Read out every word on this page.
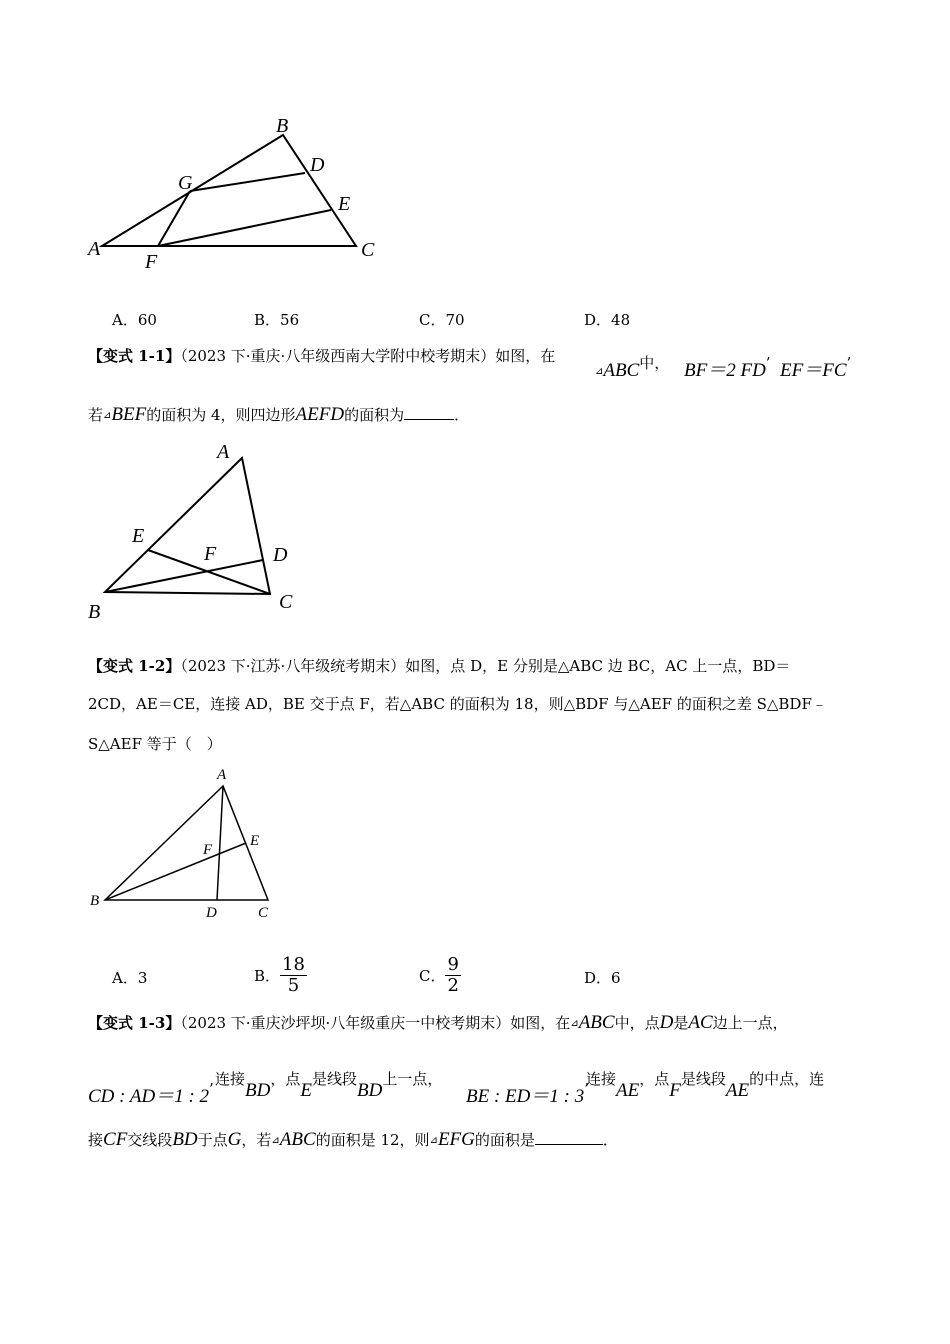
A
B
C
D
E
F
G
A．60	B．56	C．70	D．48
【变式 1-1】（2023 下·重庆·八年级西南大学附中校考期末）如图，在
⊿ABC中， BF＝2 FD’ EF＝FC’
若⊿BEF的面积为 4，则四边形AEFD的面积为	．
A
B	C
D
E
F
【变式 1-2】（2023 下·江苏·八年级统考期末）如图，点 D，E 分别是△ABC 边 BC，AC 上一点，BD＝
2CD，AE＝CE，连接 AD，BE 交于点 F，若△ABC 的面积为 18，则△BDF 与△AEF 的面积之差 S△BDF﹣
S△AEF 等于（　）
A
B
C
D
E
F
A．3	B． $\frac{18}{5}$	C． $\frac{9}{2}$	D．6
【变式 1-3】（2023 下·重庆沙坪坝·八年级重庆一中校考期末）如图，在⊿ABC中，点D是AC边上一点，
CD : AD＝1 : 2’
连接BD，点E是线段BD上一点，
BE : ED＝1 : 3’
连接AE，点F是线段AE的中点，连
接CF交线段BD于点G，若⊿ABC的面积是 12，则⊿EFG的面积是	．
